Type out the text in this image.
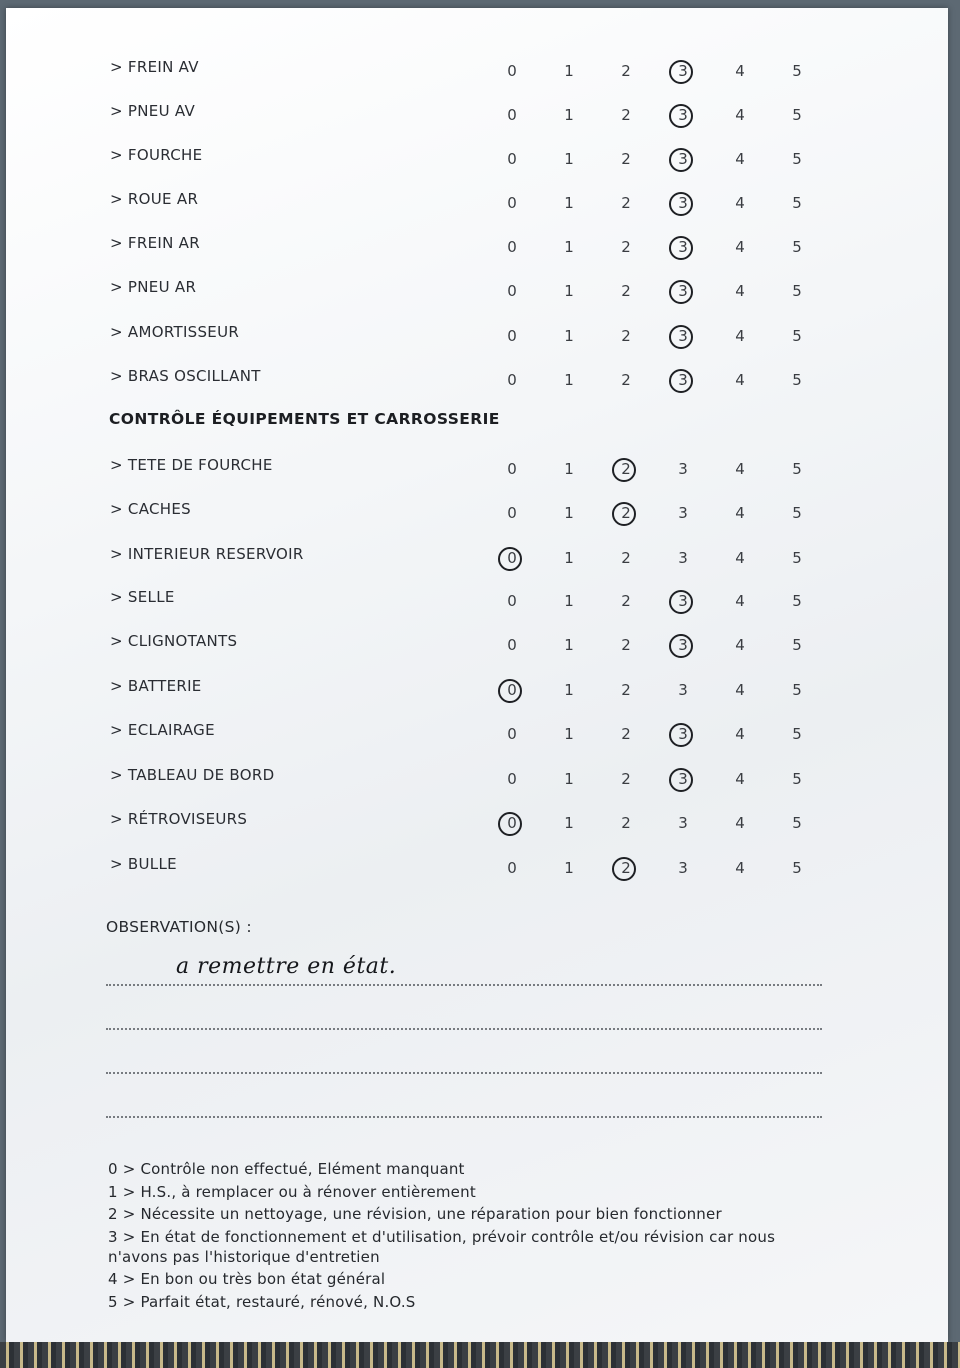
> FREIN AV	0	1	2	3	4	5
> PNEU AV	0	1	2	3	4	5
> FOURCHE	0	1	2	3	4	5
> ROUE AR	0	1	2	3	4	5
> FREIN AR	0	1	2	3	4	5
> PNEU AR	0	1	2	3	4	5
> AMORTISSEUR	0	1	2	3	4	5
> BRAS OSCILLANT	0	1	2	3	4	5
> TETE DE FOURCHE	0	1	2	3	4	5
> CACHES	0	1	2	3	4	5
> INTERIEUR RESERVOIR	0	1	2	3	4	5
> SELLE	0	1	2	3	4	5
> CLIGNOTANTS	0	1	2	3	4	5
> BATTERIE	0	1	2	3	4	5
> ECLAIRAGE	0	1	2	3	4	5
> TABLEAU DE BORD	0	1	2	3	4	5
> RÉTROVISEURS	0	1	2	3	4	5
> BULLE	0	1	2	3	4	5
CONTRÔLE ÉQUIPEMENTS ET CARROSSERIE
OBSERVATION(S) :
a remettre en état.
0 > Contrôle non effectué, Elément manquant
1 > H.S., à remplacer ou à rénover entièrement
2 > Nécessite un nettoyage, une révision, une réparation pour bien fonctionner
3 > En état de fonctionnement et d'utilisation, prévoir contrôle et/ou révision car nous
n'avons pas l'historique d'entretien
4 > En bon ou très bon état général
5 > Parfait état, restauré, rénové, N.O.S
